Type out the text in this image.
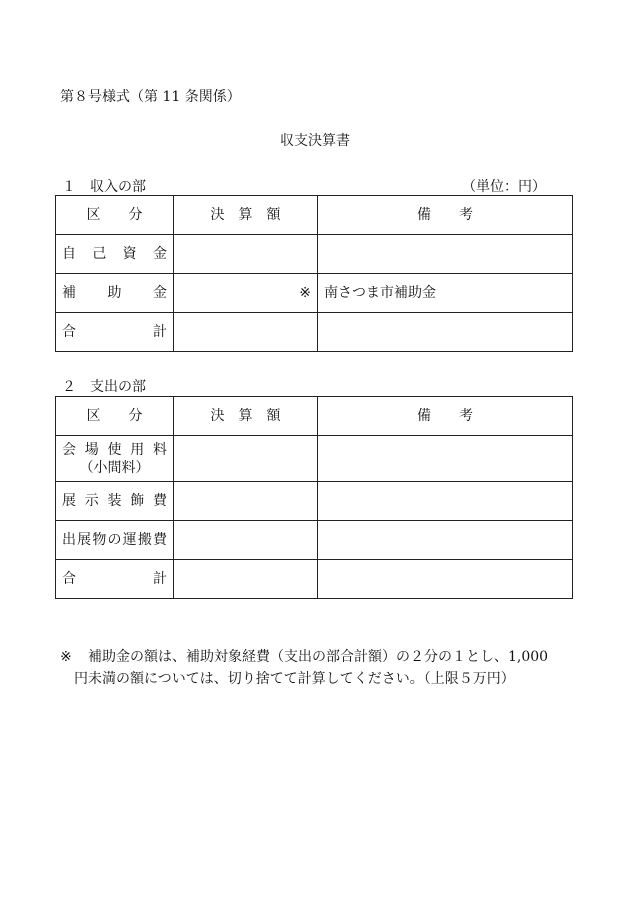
第８号様式（第 11 条関係）
収支決算書
１　収入の部	（単位：円）
区　　分	決　算　額	備　　考
自己資金		
補助金	※	南さつま市補助金
合計		
２　支出の部
区　　分	決　算　額	備　　考

会場使用料
（小間料）		

展示装飾費		
出展物の運搬費		
合計		
※	補助金の額は、補助対象経費（支出の部合計額）の２分の１とし、1,000
円未満の額については、切り捨てて計算してください。（上限５万円）
